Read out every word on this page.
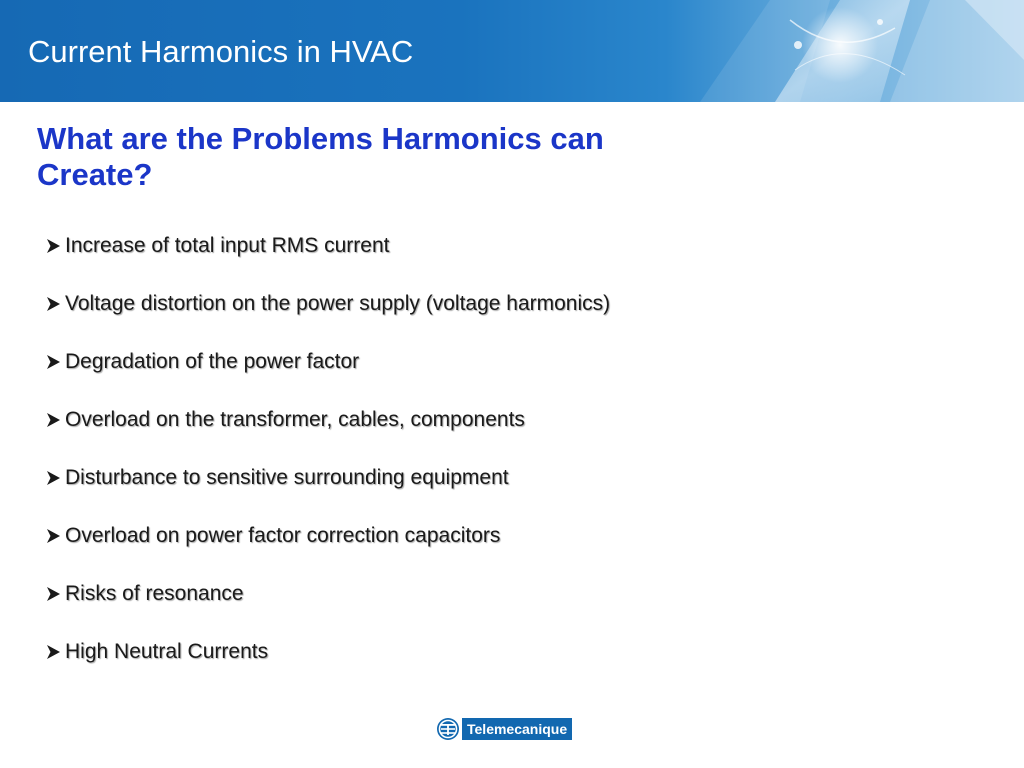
Current Harmonics in HVAC
What are the Problems Harmonics can Create?
Increase of total input RMS current
Voltage distortion on the power supply (voltage harmonics)
Degradation of the power factor
Overload on the transformer, cables, components
Disturbance to sensitive surrounding equipment
Overload on power factor correction capacitors
Risks of resonance
High Neutral Currents
Telemecanique
